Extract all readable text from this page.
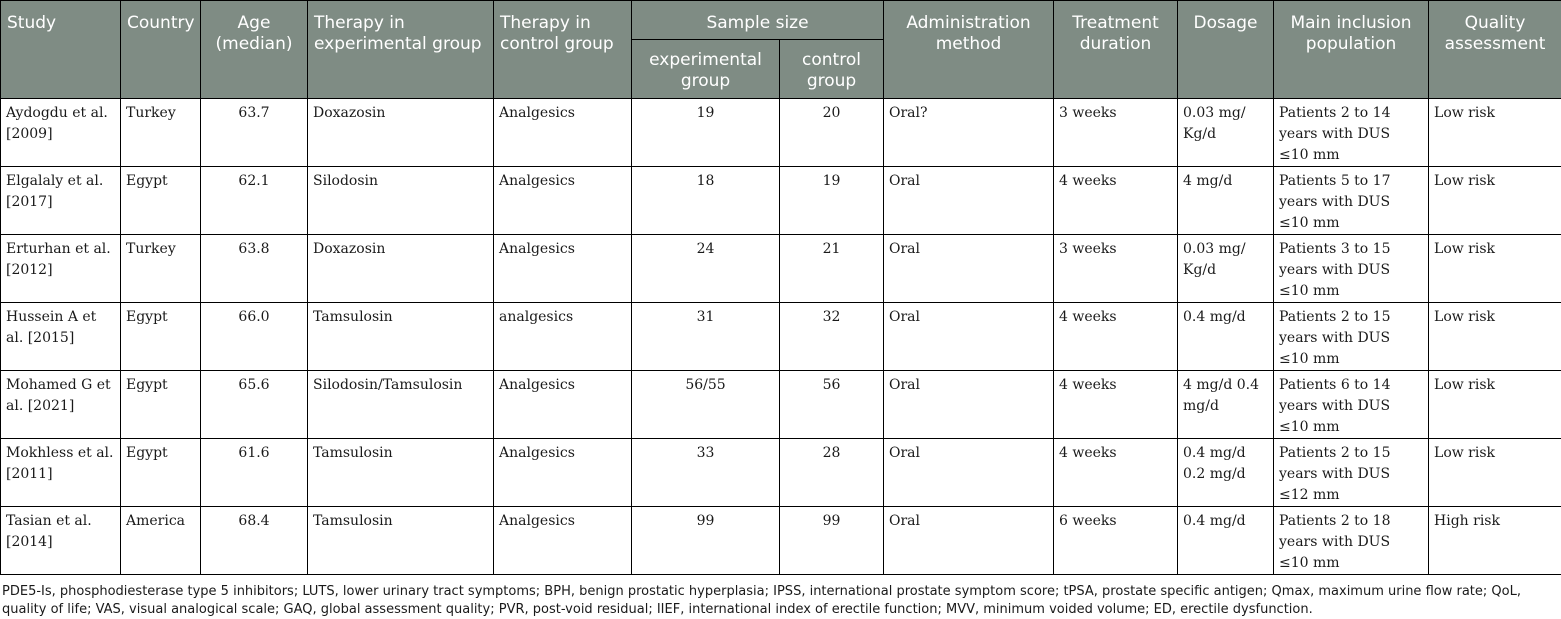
Study	Country	Age (median)	Therapy in experimental group	Therapy in control group	Sample size		Administration method	Treatment duration	Dosage	Main inclusion population	Quality assessment
					experimental group	control group					
Aydogdu et al. [2009]	Turkey	63.7	Doxazosin	Analgesics	19	20	Oral?	3 weeks	0.03 mg/ Kg/d	Patients 2 to 14 years with DUS ≤10 mm	Low risk
Elgalaly et al. [2017]	Egypt	62.1	Silodosin	Analgesics	18	19	Oral	4 weeks	4 mg/d	Patients 5 to 17 years with DUS ≤10 mm	Low risk
Erturhan et al. [2012]	Turkey	63.8	Doxazosin	Analgesics	24	21	Oral	3 weeks	0.03 mg/ Kg/d	Patients 3 to 15 years with DUS ≤10 mm	Low risk
Hussein A et al. [2015]	Egypt	66.0	Tamsulosin	analgesics	31	32	Oral	4 weeks	0.4 mg/d	Patients 2 to 15 years with DUS ≤10 mm	Low risk
Mohamed G et al. [2021]	Egypt	65.6	Silodosin/Tamsulosin	Analgesics	56/55	56	Oral	4 weeks	4 mg/d 0.4 mg/d	Patients 6 to 14 years with DUS ≤10 mm	Low risk
Mokhless et al. [2011]	Egypt	61.6	Tamsulosin	Analgesics	33	28	Oral	4 weeks	0.4 mg/d 0.2 mg/d	Patients 2 to 15 years with DUS ≤12 mm	Low risk
Tasian et al. [2014]	America	68.4	Tamsulosin	Analgesics	99	99	Oral	6 weeks	0.4 mg/d	Patients 2 to 18 years with DUS ≤10 mm	High risk
PDE5-Is, phosphodiesterase type 5 inhibitors; LUTS, lower urinary tract symptoms; BPH, benign prostatic hyperplasia; IPSS, international prostate symptom score; tPSA, prostate specific antigen; Qmax, maximum urine flow rate; QoL, quality of life; VAS, visual analogical scale; GAQ, global assessment quality; PVR, post-void residual; IIEF, international index of erectile function; MVV, minimum voided volume; ED, erectile dysfunction.
